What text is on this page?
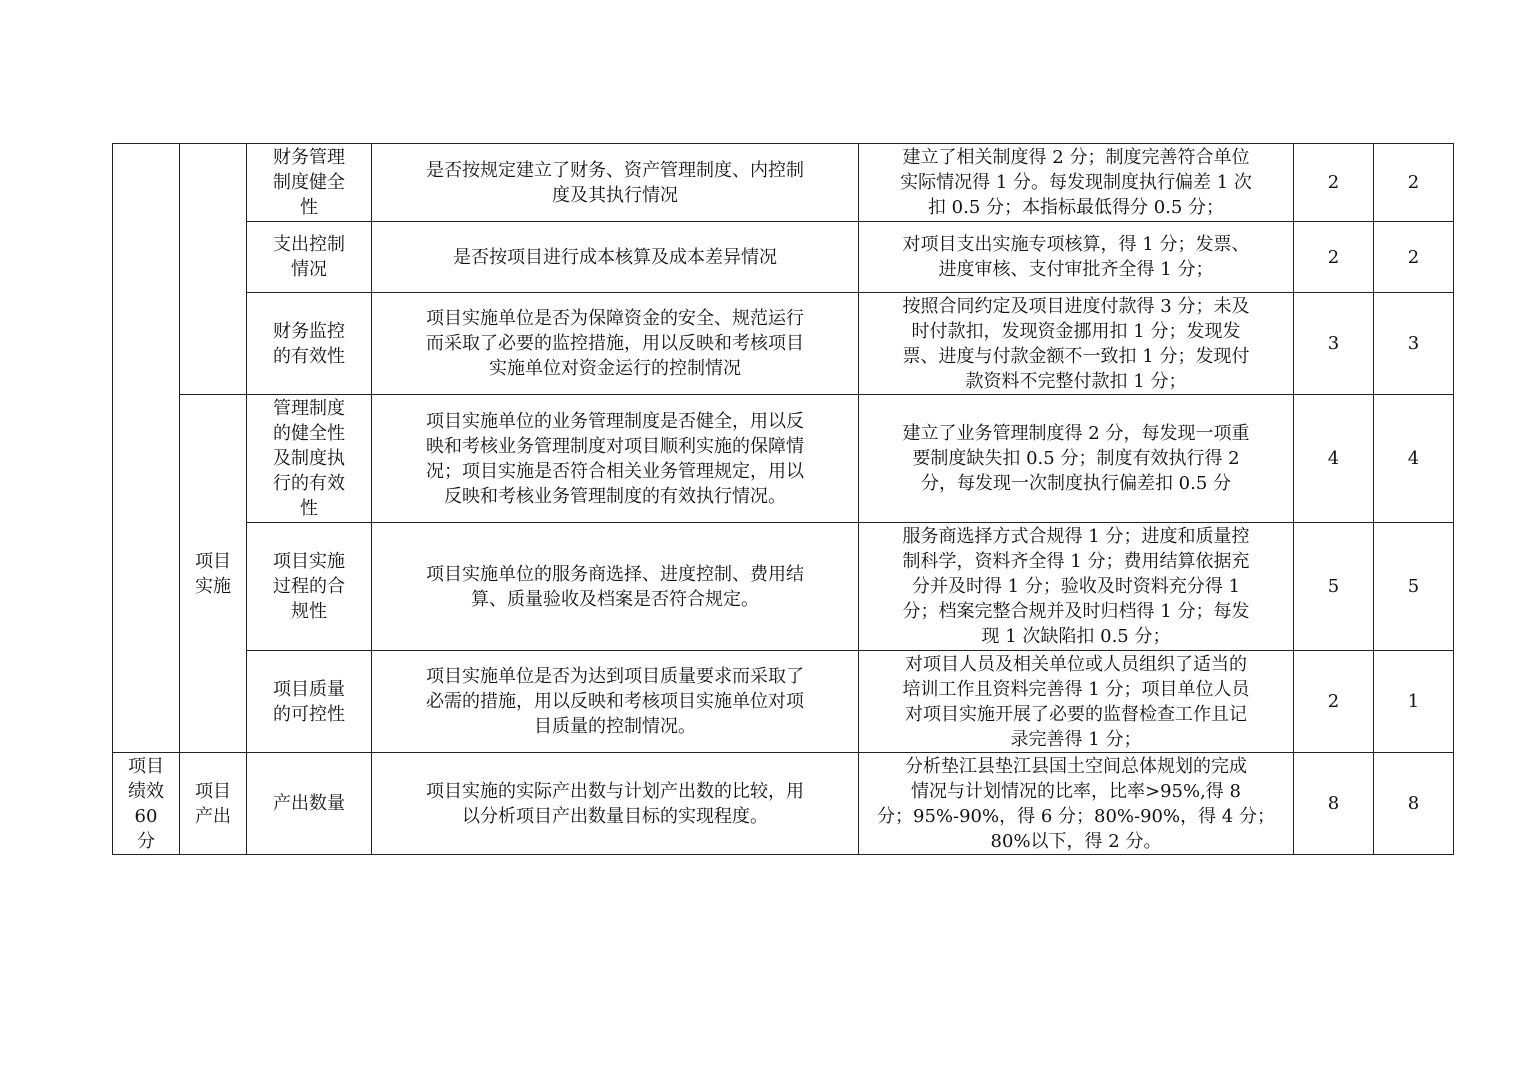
		财务管理
制度健全
性	是否按规定建立了财务、资产管理制度、内控制
度及其执行情况	建立了相关制度得 2 分；制度完善符合单位
实际情况得 1 分。每发现制度执行偏差 1 次
扣 0.5 分；本指标最低得分 0.5 分；	2	2

		支出控制
情况	是否按项目进行成本核算及成本差异情况	对项目支出实施专项核算，得 1 分；发票、
进度审核、支付审批齐全得 1 分；	2	2

		财务监控
的有效性	项目实施单位是否为保障资金的安全、规范运行
而采取了必要的监控措施，用以反映和考核项目
实施单位对资金运行的控制情况	按照合同约定及项目进度付款得 3 分；未及
时付款扣，发现资金挪用扣 1 分；发现发
票、进度与付款金额不一致扣 1 分；发现付
款资料不完整付款扣 1 分；	3	3

	项目
实施	管理制度
的健全性
及制度执
行的有效
性	项目实施单位的业务管理制度是否健全，用以反
映和考核业务管理制度对项目顺利实施的保障情
况；项目实施是否符合相关业务管理规定，用以
反映和考核业务管理制度的有效执行情况。	建立了业务管理制度得 2 分，每发现一项重
要制度缺失扣 0.5 分；制度有效执行得 2
分，每发现一次制度执行偏差扣 0.5 分	4	4

		项目实施
过程的合
规性	项目实施单位的服务商选择、进度控制、费用结
算、质量验收及档案是否符合规定。	服务商选择方式合规得 1 分；进度和质量控
制科学，资料齐全得 1 分；费用结算依据充
分并及时得 1 分；验收及时资料充分得 1
分；档案完整合规并及时归档得 1 分；每发
现 1 次缺陷扣 0.5 分；	5	5

		项目质量
的可控性	项目实施单位是否为达到项目质量要求而采取了
必需的措施，用以反映和考核项目实施单位对项
目质量的控制情况。	对项目人员及相关单位或人员组织了适当的
培训工作且资料完善得 1 分；项目单位人员
对项目实施开展了必要的监督检查工作且记
录完善得 1 分；	2	1

项目
绩效
60
分	项目
产出	产出数量	项目实施的实际产出数与计划产出数的比较，用
以分析项目产出数量目标的实现程度。	分析垫江县垫江县国土空间总体规划的完成
情况与计划情况的比率，比率>95%,得 8
分；95%-90%，得 6 分；80%-90%，得 4 分；
80%以下，得 2 分。	8	8
